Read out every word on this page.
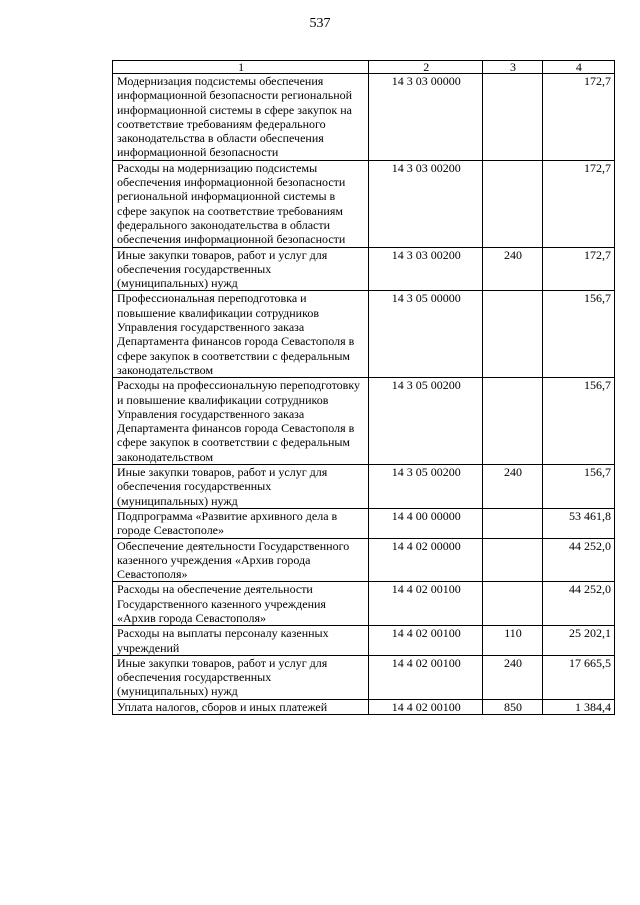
537
1	2	3	4
Модернизация подсистемы обеспечения информационной безопасности региональной информационной системы в сфере закупок на соответствие требованиям федерального законодательства в области обеспечения информационной безопасности	14 3 03 00000		172,7
Расходы на модернизацию подсистемы обеспечения информационной безопасности региональной информационной системы в сфере закупок на соответствие требованиям федерального законодательства в области обеспечения информационной безопасности	14 3 03 00200		172,7
Иные закупки товаров, работ и услуг для обеспечения государственных (муниципальных) нужд	14 3 03 00200	240	172,7
Профессиональная переподготовка и повышение квалификации сотрудников Управления государственного заказа Департамента финансов города Севастополя в сфере закупок в соответствии с федеральным законодательством	14 3 05 00000		156,7
Расходы на профессиональную переподготовку и повышение квалификации сотрудников Управления государственного заказа Департамента финансов города Севастополя в сфере закупок в соответствии с федеральным законодательством	14 3 05 00200		156,7
Иные закупки товаров, работ и услуг для обеспечения государственных (муниципальных) нужд	14 3 05 00200	240	156,7
Подпрограмма «Развитие архивного дела в городе Севастополе»	14 4 00 00000		53 461,8
Обеспечение деятельности Государственного казенного учреждения «Архив города Севастополя»	14 4 02 00000		44 252,0
Расходы на обеспечение деятельности Государственного казенного учреждения «Архив города Севастополя»	14 4 02 00100		44 252,0
Расходы на выплаты персоналу казенных учреждений	14 4 02 00100	110	25 202,1
Иные закупки товаров, работ и услуг для обеспечения государственных (муниципальных) нужд	14 4 02 00100	240	17 665,5
Уплата налогов, сборов и иных платежей	14 4 02 00100	850	1 384,4
